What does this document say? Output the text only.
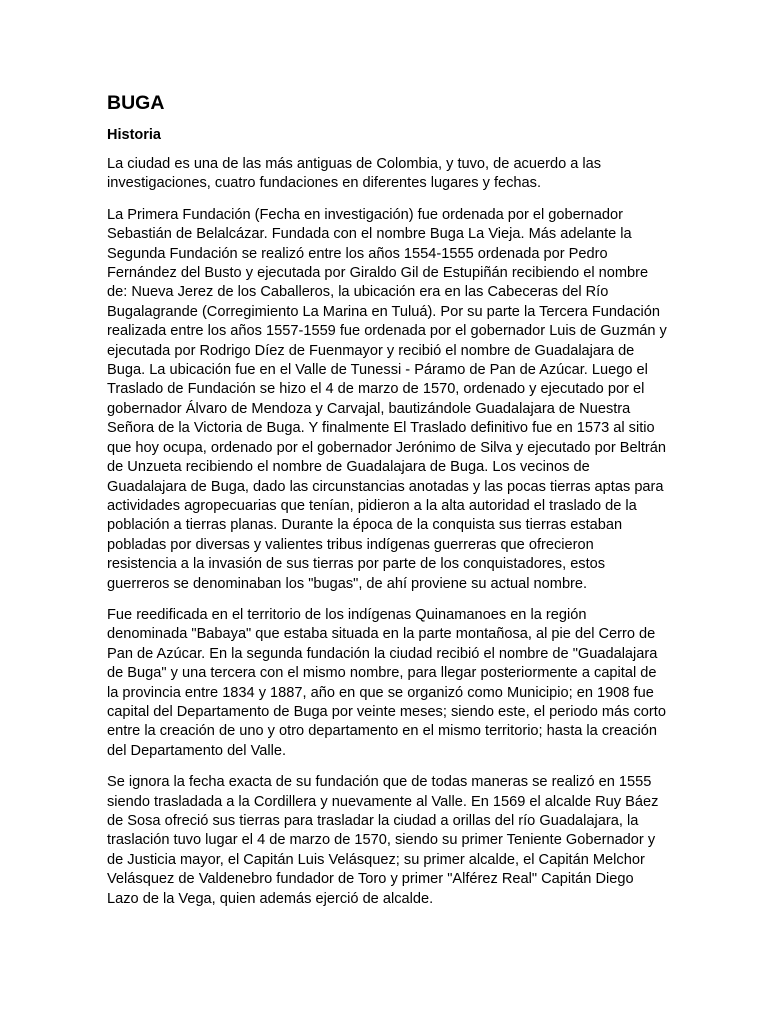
BUGA
Historia

La ciudad es una de las más antiguas de Colombia, y tuvo, de acuerdo a las investigaciones, cuatro fundaciones en diferentes lugares y fechas.

La Primera Fundación (Fecha en investigación) fue ordenada por el gobernador Sebastián de Belalcázar. Fundada con el nombre Buga La Vieja. Más adelante la Segunda Fundación se realizó entre los años 1554-1555 ordenada por Pedro Fernández del Busto y ejecutada por Giraldo Gil de Estupiñán recibiendo el nombre de: Nueva Jerez de los Caballeros, la ubicación era en las Cabeceras del Río Bugalagrande (Corregimiento La Marina en Tuluá). Por su parte la Tercera Fundación realizada entre los años 1557-1559 fue ordenada por el gobernador Luis de Guzmán y ejecutada por Rodrigo Díez de Fuenmayor y recibió el nombre de Guadalajara de Buga. La ubicación fue en el Valle de Tunessi - Páramo de Pan de Azúcar. Luego el Traslado de Fundación se hizo el 4 de marzo de 1570, ordenado y ejecutado por el gobernador Álvaro de Mendoza y Carvajal, bautizándole Guadalajara de Nuestra Señora de la Victoria de Buga. Y finalmente El Traslado definitivo fue en 1573 al sitio que hoy ocupa, ordenado por el gobernador Jerónimo de Silva y ejecutado por Beltrán de Unzueta recibiendo el nombre de Guadalajara de Buga. Los vecinos de Guadalajara de Buga, dado las circunstancias anotadas y las pocas tierras aptas para actividades agropecuarias que tenían, pidieron a la alta autoridad el traslado de la población a tierras planas. Durante la época de la conquista sus tierras estaban pobladas por diversas y valientes tribus indígenas guerreras que ofrecieron resistencia a la invasión de sus tierras por parte de los conquistadores, estos guerreros se denominaban los "bugas", de ahí proviene su actual nombre.

Fue reedificada en el territorio de los indígenas Quinamanoes en la región denominada "Babaya" que estaba situada en la parte montañosa, al pie del Cerro de Pan de Azúcar. En la segunda fundación la ciudad recibió el nombre de "Guadalajara de Buga" y una tercera con el mismo nombre, para llegar posteriormente a capital de la provincia entre 1834 y 1887, año en que se organizó como Municipio; en 1908 fue capital del Departamento de Buga por veinte meses; siendo este, el periodo más corto entre la creación de uno y otro departamento en el mismo territorio; hasta la creación del Departamento del Valle.

Se ignora la fecha exacta de su fundación que de todas maneras se realizó en 1555 siendo trasladada a la Cordillera y nuevamente al Valle. En 1569 el alcalde Ruy Báez de Sosa ofreció sus tierras para trasladar la ciudad a orillas del río Guadalajara, la traslación tuvo lugar el 4 de marzo de 1570, siendo su primer Teniente Gobernador y de Justicia mayor, el Capitán Luis Velásquez; su primer alcalde, el Capitán Melchor Velásquez de Valdenebro fundador de Toro y primer "Alférez Real" Capitán Diego Lazo de la Vega, quien además ejerció de alcalde.
